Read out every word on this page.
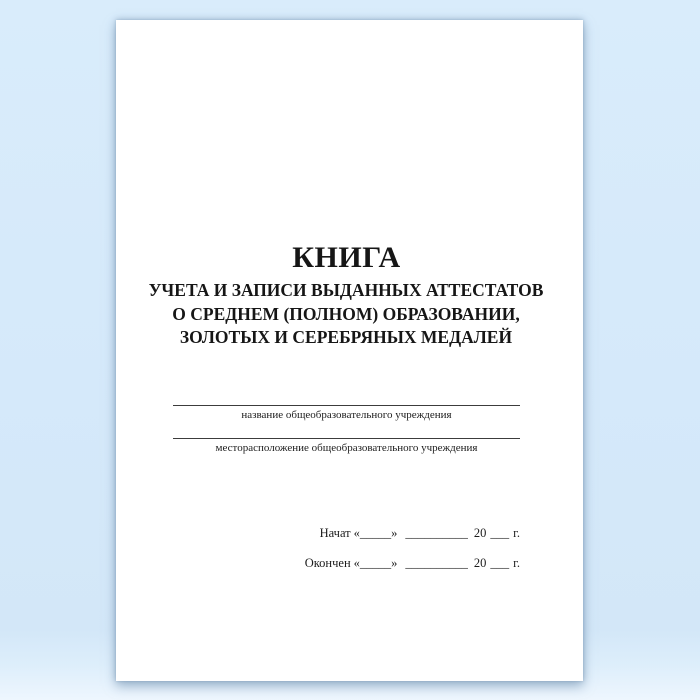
КНИГА
УЧЕТА И ЗАПИСИ ВЫДАННЫХ АТТЕСТАТОВ
О СРЕДНЕМ (ПОЛНОМ) ОБРАЗОВАНИИ,
ЗОЛОТЫХ И СЕРЕБРЯНЫХ МЕДАЛЕЙ
название общеобразовательного учреждения
месторасположение общеобразовательного учреждения
Начат «_____» __________ 20 ___ г.
Окончен «_____» __________ 20 ___ г.
